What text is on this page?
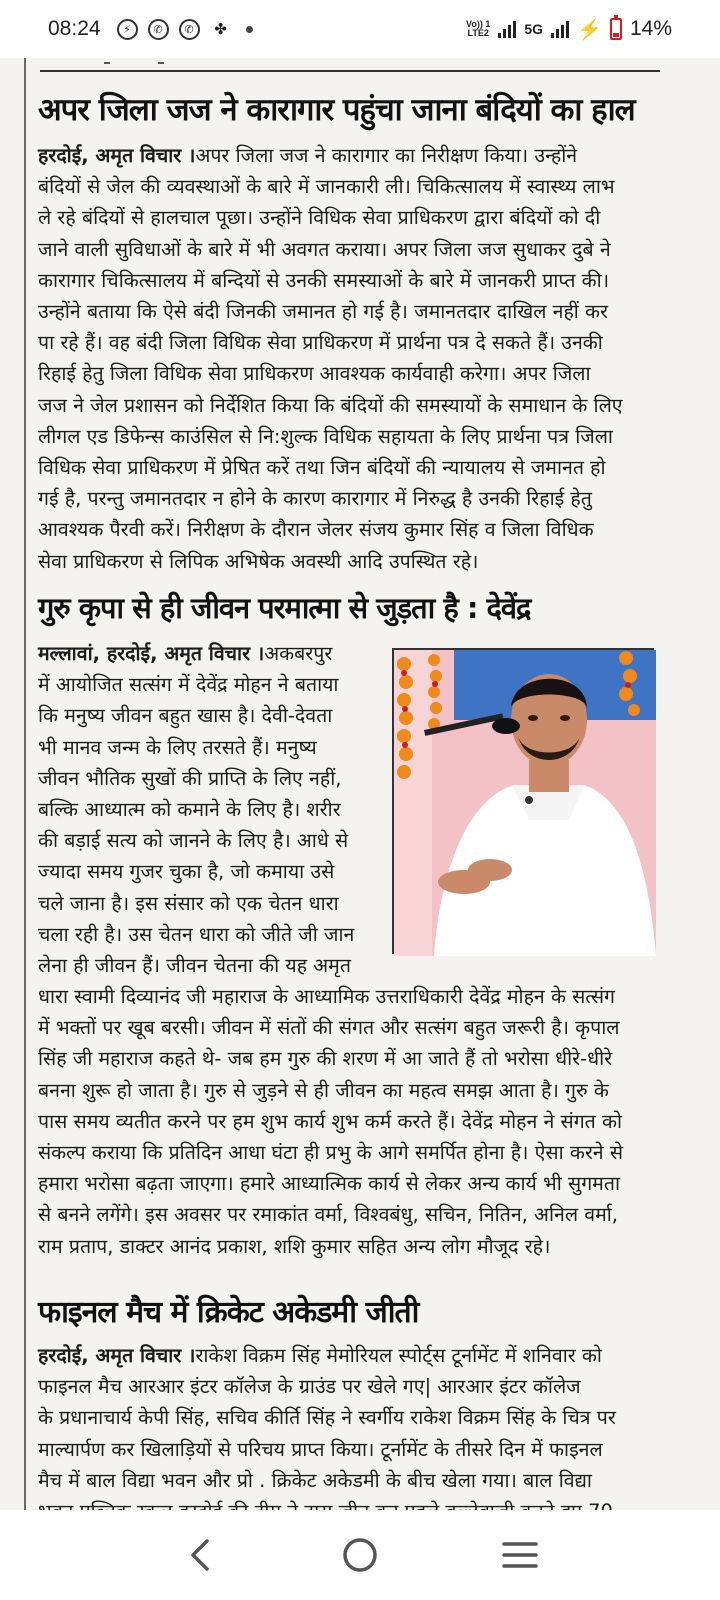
08:24	⚡	✆	✆	✤	Vo)) 1
LTE2	5G ⚡ 14%
अपर जिला जज ने कारागार पहुंचा जाना बंदियों का हाल
हरदोई, अमृत विचार ।अपर जिला जज ने कारागार का निरीक्षण किया। उन्होंने
बंदियों से जेल की व्यवस्थाओं के बारे में जानकारी ली। चिकित्सालय में स्वास्थ्य लाभ
ले रहे बंदियों से हालचाल पूछा। उन्होंने विधिक सेवा प्राधिकरण द्वारा बंदियों को दी
जाने वाली सुविधाओं के बारे में भी अवगत कराया। अपर जिला जज सुधाकर दुबे ने
कारागार चिकित्सालय में बन्दियों से उनकी समस्याओं के बारे में जानकरी प्राप्त की।
उन्होंने बताया कि ऐसे बंदी जिनकी जमानत हो गई है। जमानतदार दाखिल नहीं कर
पा रहे हैं। वह बंदी जिला विधिक सेवा प्राधिकरण में प्रार्थना पत्र दे सकते हैं। उनकी
रिहाई हेतु जिला विधिक सेवा प्राधिकरण आवश्यक कार्यवाही करेगा। अपर जिला
जज ने जेल प्रशासन को निर्देशित किया कि बंदियों की समस्यायों के समाधान के लिए
लीगल एड डिफेन्स काउंसिल से नि:शुल्क विधिक सहायता के लिए प्रार्थना पत्र जिला
विधिक सेवा प्राधिकरण में प्रेषित करें तथा जिन बंदियों की न्यायालय से जमानत हो
गई है, परन्तु जमानतदार न होने के कारण कारागार में निरुद्ध है उनकी रिहाई हेतु
आवश्यक पैरवी करें। निरीक्षण के दौरान जेलर संजय कुमार सिंह व जिला विधिक
सेवा प्राधिकरण से लिपिक अभिषेक अवस्थी आदि उपस्थित रहे।
गुरु कृपा से ही जीवन परमात्मा से जुड़ता है : देवेंद्र
मल्लावां, हरदोई, अमृत विचार ।अकबरपुर
में आयोजित सत्संग में देवेंद्र मोहन ने बताया
कि मनुष्य जीवन बहुत खास है। देवी-देवता
भी मानव जन्म के लिए तरसते हैं। मनुष्य
जीवन भौतिक सुखों की प्राप्ति के लिए नहीं,
बल्कि आध्यात्म को कमाने के लिए है। शरीर
की बड़ाई सत्य को जानने के लिए है। आधे से
ज्यादा समय गुजर चुका है, जो कमाया उसे
चले जाना है। इस संसार को एक चेतन धारा
चला रही है। उस चेतन धारा को जीते जी जान
लेना ही जीवन हैं। जीवन चेतना की यह अमृत
धारा स्वामी दिव्यानंद जी महाराज के आध्यामिक उत्तराधिकारी देवेंद्र मोहन के सत्संग
में भक्तों पर खूब बरसी। जीवन में संतों की संगत और सत्संग बहुत जरूरी है। कृपाल
सिंह जी महाराज कहते थे- जब हम गुरु की शरण में आ जाते हैं तो भरोसा धीरे-धीरे
बनना शुरू हो जाता है। गुरु से जुड़ने से ही जीवन का महत्व समझ आता है। गुरु के
पास समय व्यतीत करने पर हम शुभ कार्य शुभ कर्म करते हैं। देवेंद्र मोहन ने संगत को
संकल्प कराया कि प्रतिदिन आधा घंटा ही प्रभु के आगे समर्पित होना है। ऐसा करने से
हमारा भरोसा बढ़ता जाएगा। हमारे आध्यात्मिक कार्य से लेकर अन्य कार्य भी सुगमता
से बनने लगेंगे। इस अवसर पर रमाकांत वर्मा, विश्वबंधु, सचिन, नितिन, अनिल वर्मा,
राम प्रताप, डाक्टर आनंद प्रकाश, शशि कुमार सहित अन्य लोग मौजूद रहे।
फाइनल मैच में क्रिकेट अकेडमी जीती
हरदोई, अमृत विचार ।राकेश विक्रम सिंह मेमोरियल स्पोर्ट्स टूर्नामेंट में शनिवार को
फाइनल मैच आरआर इंटर कॉलेज के ग्राउंड पर खेले गए| आरआर इंटर कॉलेज
के प्रधानाचार्य केपी सिंह, सचिव कीर्ति सिंह ने स्वर्गीय राकेश विक्रम सिंह के चित्र पर
माल्यार्पण कर खिलाड़ियों से परिचय प्राप्त किया। टूर्नामेंट के तीसरे दिन में फाइनल
मैच में बाल विद्या भवन और प्रो . क्रिकेट अकेडमी के बीच खेला गया। बाल विद्या
